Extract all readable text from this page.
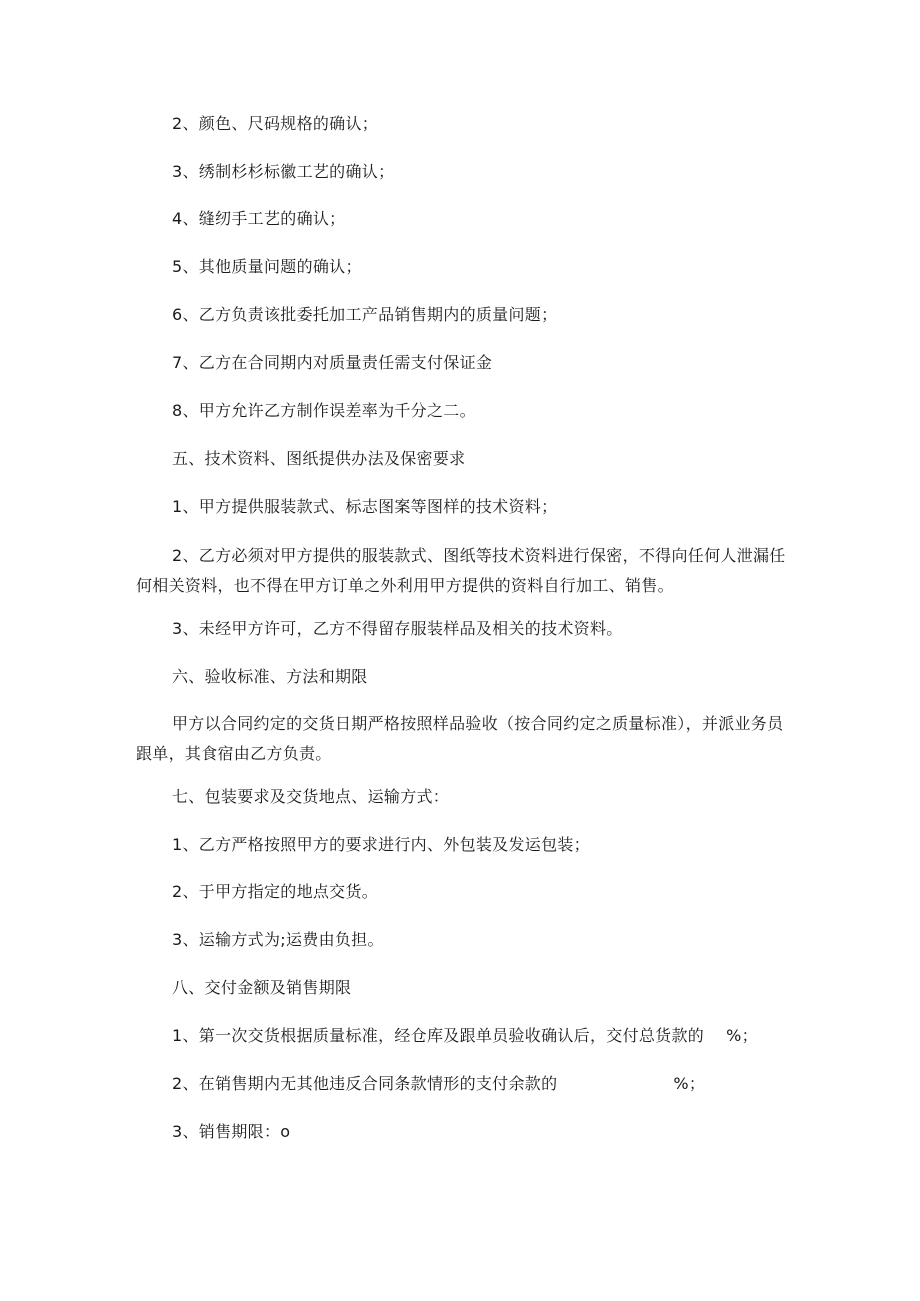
2、颜色、尺码规格的确认；
3、绣制杉杉标徽工艺的确认；
4、缝纫手工艺的确认；
5、其他质量问题的确认；
6、乙方负责该批委托加工产品销售期内的质量问题；
7、乙方在合同期内对质量责任需支付保证金
8、甲方允许乙方制作误差率为千分之二。
五、技术资料、图纸提供办法及保密要求
1、甲方提供服装款式、标志图案等图样的技术资料；
2、乙方必须对甲方提供的服装款式、图纸等技术资料进行保密，不得向任何人泄漏任何相关资料，也不得在甲方订单之外利用甲方提供的资料自行加工、销售。
3、未经甲方许可，乙方不得留存服装样品及相关的技术资料。
六、验收标准、方法和期限
甲方以合同约定的交货日期严格按照样品验收（按合同约定之质量标准），并派业务员跟单，其食宿由乙方负责。
七、包装要求及交货地点、运输方式：
1、乙方严格按照甲方的要求进行内、外包装及发运包装；
2、于甲方指定的地点交货。
3、运输方式为;运费由负担。
八、交付金额及销售期限
1、第一次交货根据质量标准，经仓库及跟单员验收确认后，交付总货款的 %；
2、在销售期内无其他违反合同条款情形的支付余款的	%；
3、销售期限：o
